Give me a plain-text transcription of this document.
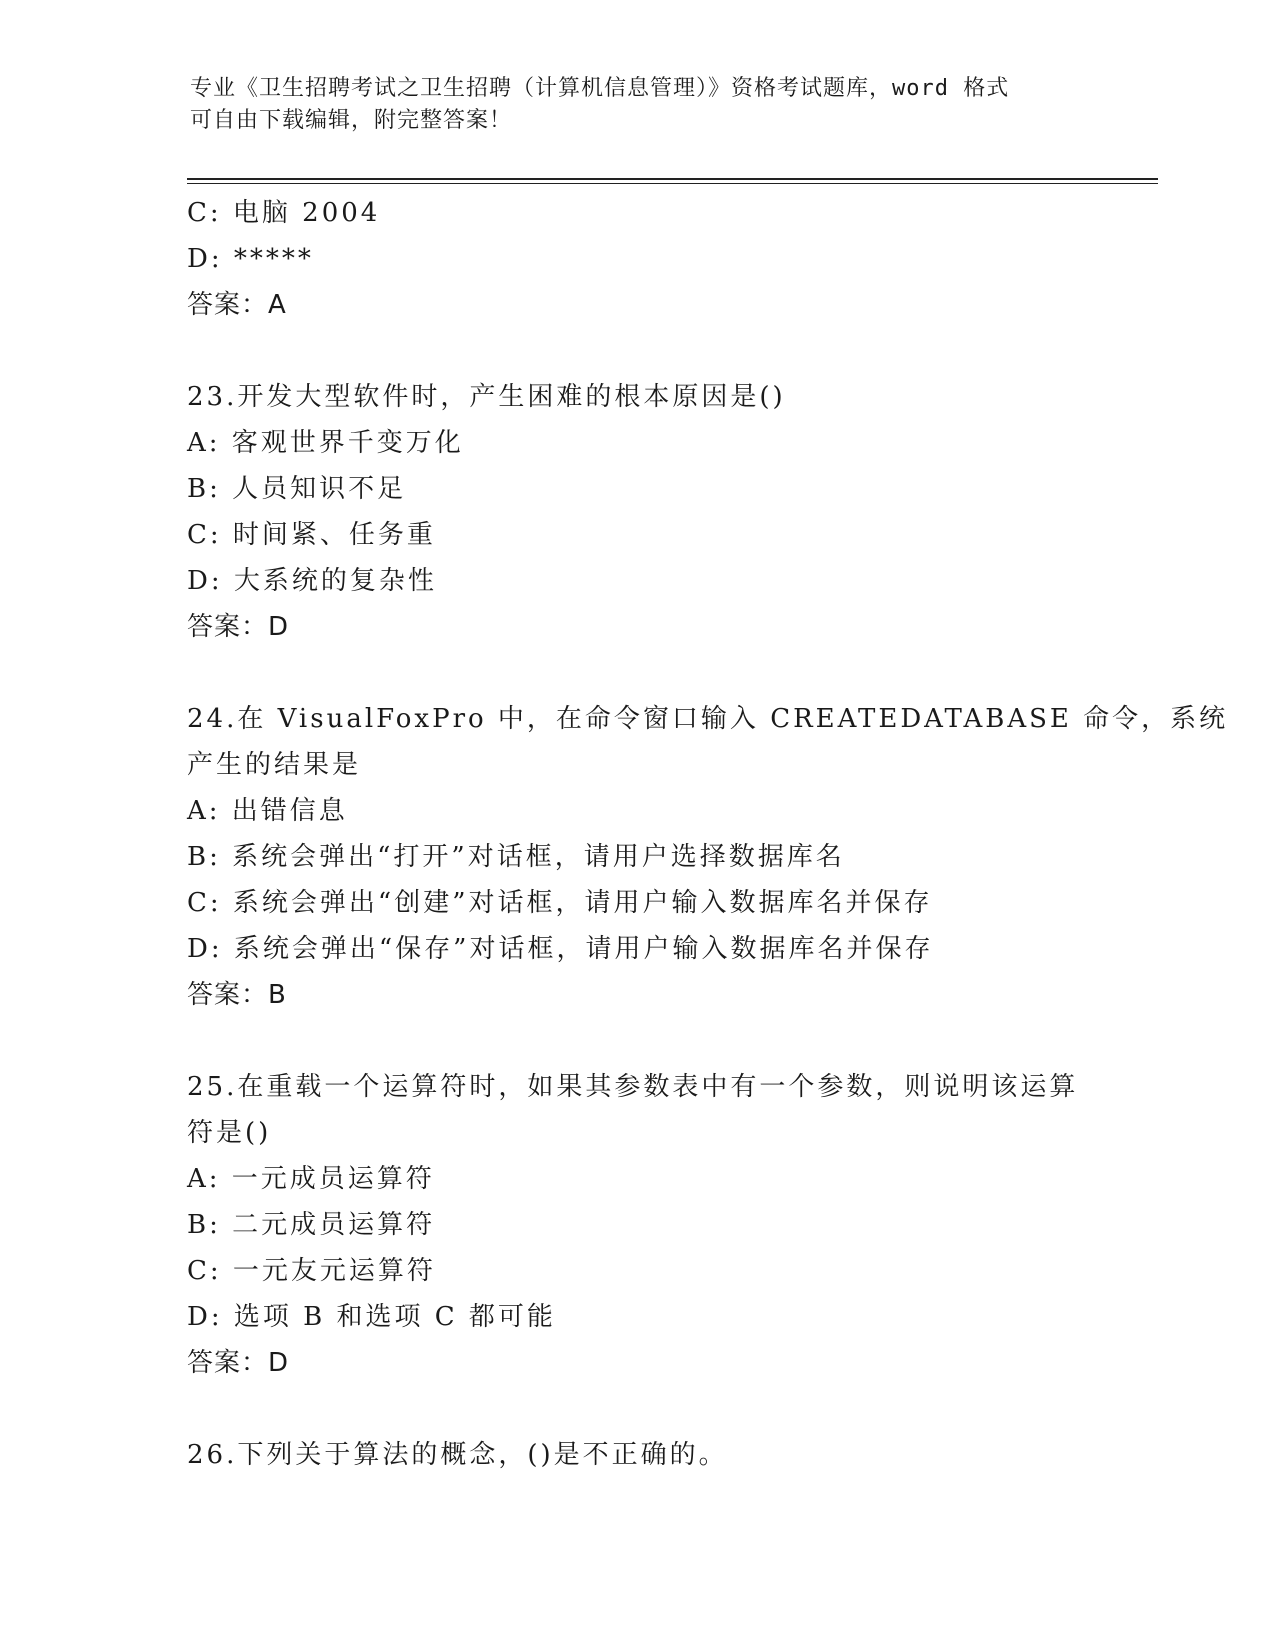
专业《卫生招聘考试之卫生招聘（计算机信息管理）》资格考试题库，word 格式
可自由下载编辑，附完整答案！
C: 电脑 2004
D: *****
答案：A
23.开发大型软件时，产生困难的根本原因是()
A: 客观世界千变万化
B: 人员知识不足
C: 时间紧、任务重
D: 大系统的复杂性
答案：D
24.在 VisualFoxPro 中，在命令窗口输入 CREATEDATABASE 命令，系统
产生的结果是
A: 出错信息
B: 系统会弹出“打开”对话框，请用户选择数据库名
C: 系统会弹出“创建”对话框，请用户输入数据库名并保存
D: 系统会弹出“保存”对话框，请用户输入数据库名并保存
答案：B
25.在重载一个运算符时，如果其参数表中有一个参数，则说明该运算
符是()
A: 一元成员运算符
B: 二元成员运算符
C: 一元友元运算符
D: 选项 B 和选项 C 都可能
答案：D
26.下列关于算法的概念，()是不正确的。
